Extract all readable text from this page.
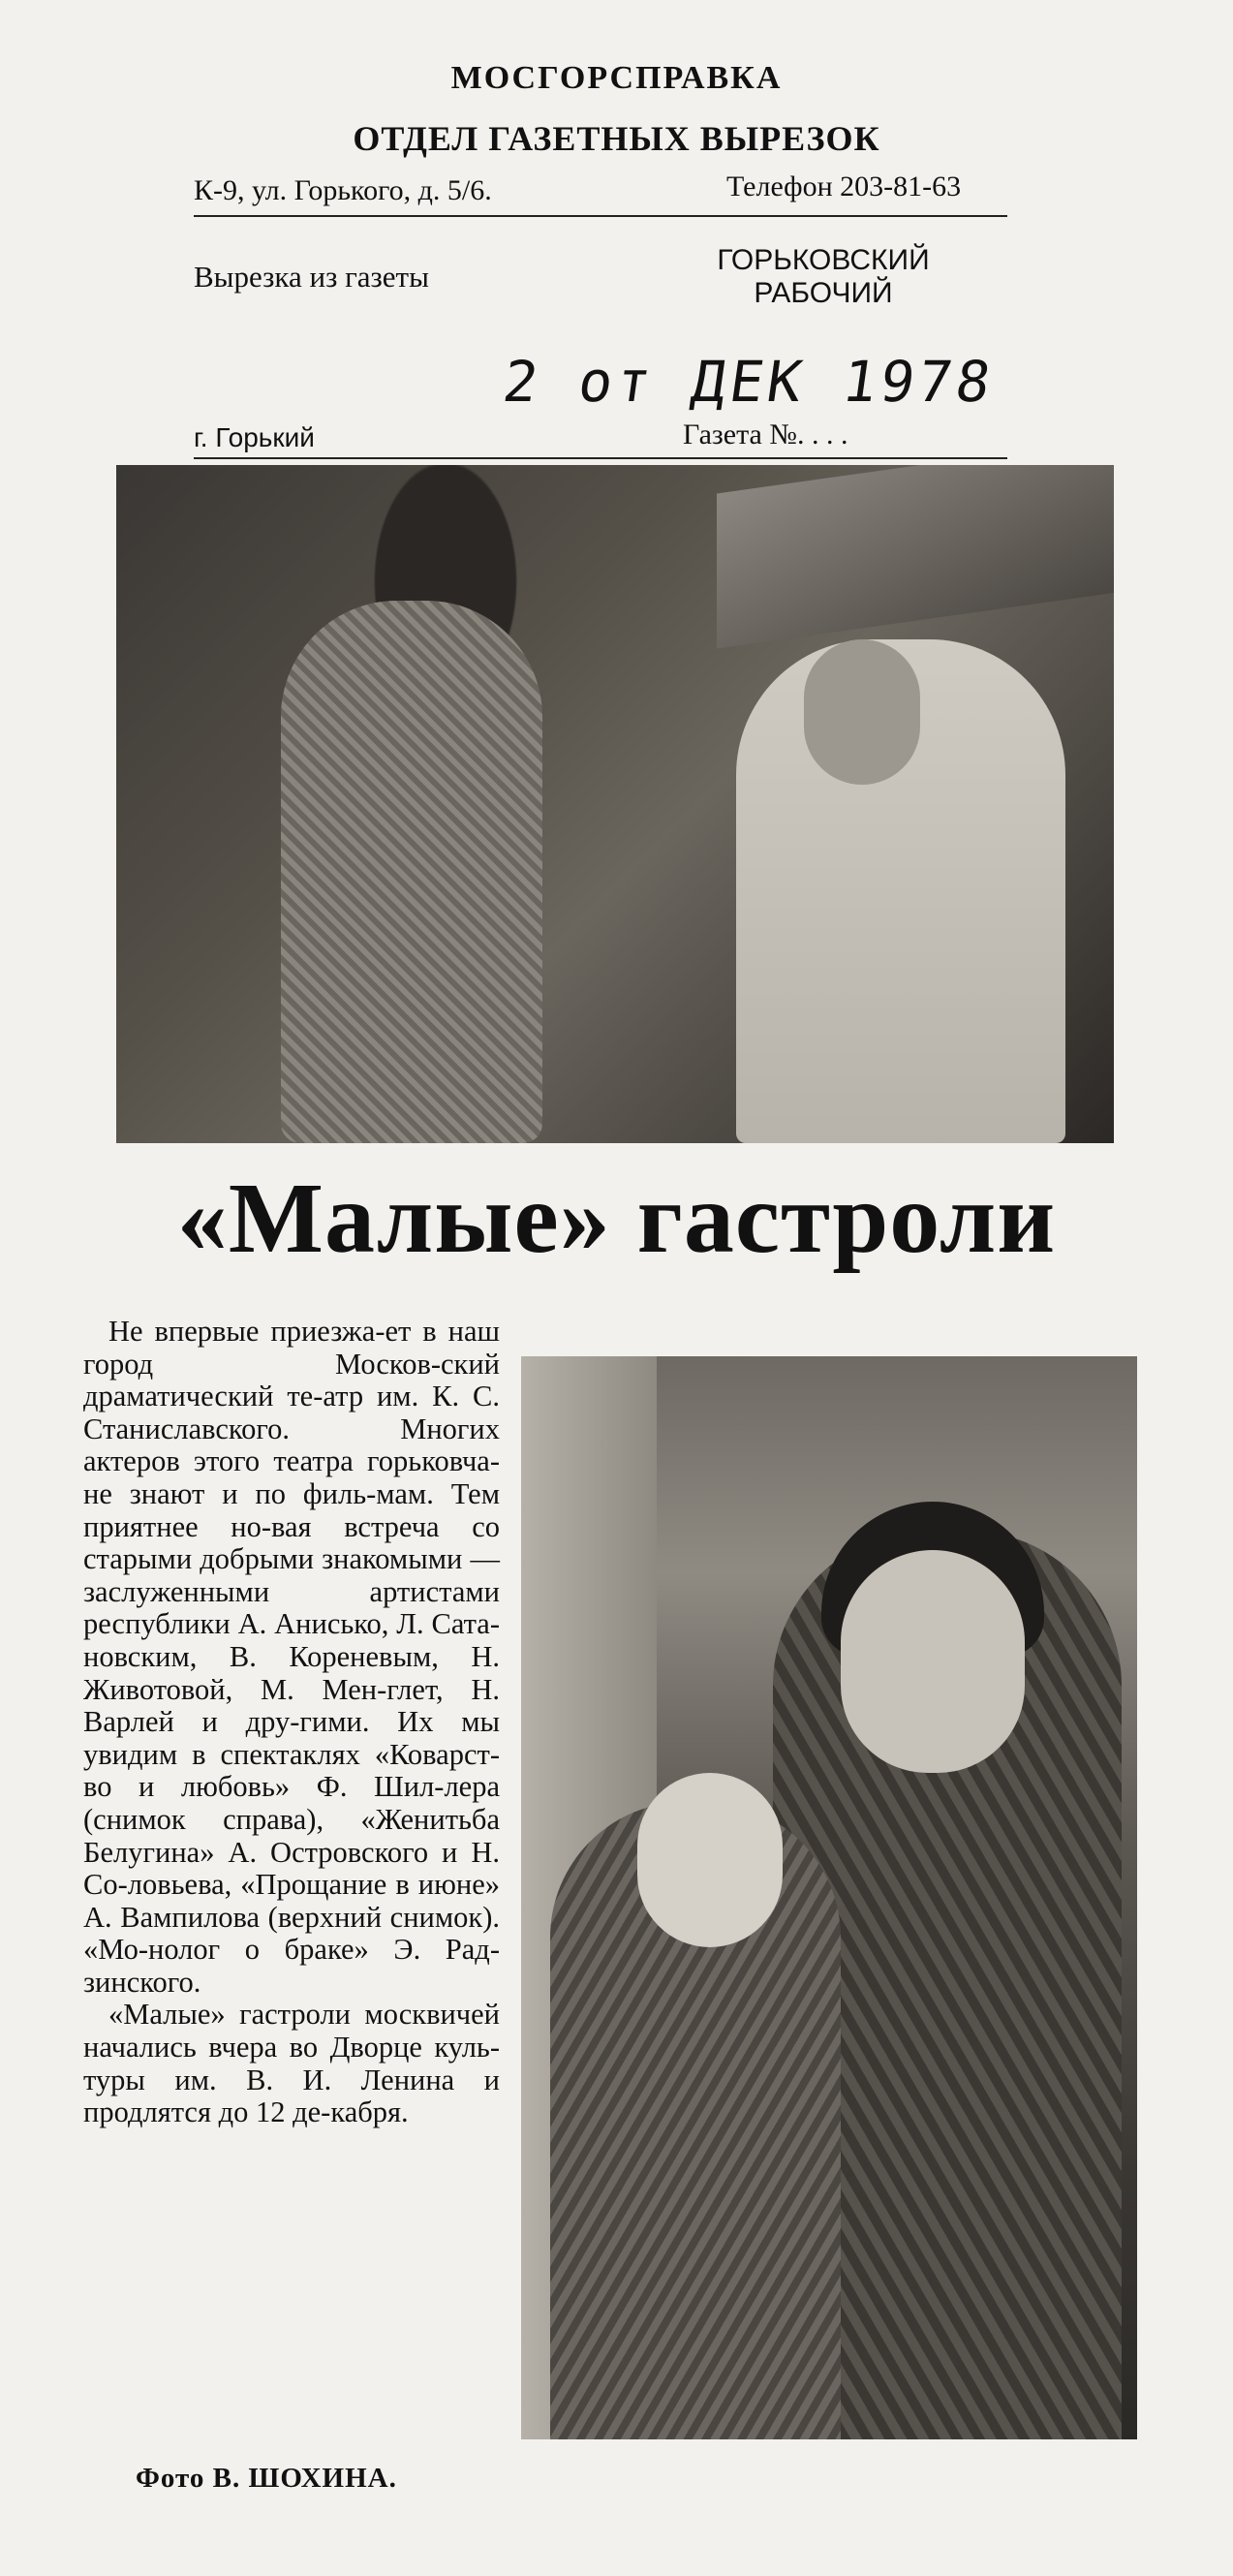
МОСГОРСПРАВКА
ОТДЕЛ ГАЗЕТНЫХ ВЫРЕЗОК
К-9, ул. Горького, д. 5/6.	Телефон 203-81-63
Вырезка из газеты	ГОРЬКОВСКИЙ
РАБОЧИЙ
2 от ДЕК 1978
г. Горький	Газета №. . . .
«Малые» гастроли

Не впервые приезжа-ет в наш город Москов-ский драматический те-атр им. К. С. Станиславского. Многих актеров этого театра горьковча-не знают и по филь-мам. Тем приятнее но-вая встреча со старыми добрыми знакомыми — заслуженными артистами республики А. Анисько, Л. Сата-новским, В. Кореневым, Н. Животовой, М. Мен-глет, Н. Варлей и дру-гими. Их мы увидим в спектаклях «Коварст-во и любовь» Ф. Шил-лера (снимок справа), «Женитьба Белугина» А. Островского и Н. Со-ловьева, «Прощание в июне» А. Вампилова (верхний снимок). «Мо-нолог о браке» Э. Рад-зинского.

«Малые» гастроли москвичей начались вчера во Дворце куль-туры им. В. И. Ленина и продлятся до 12 де-кабря.

Фото В. ШОХИНА.
